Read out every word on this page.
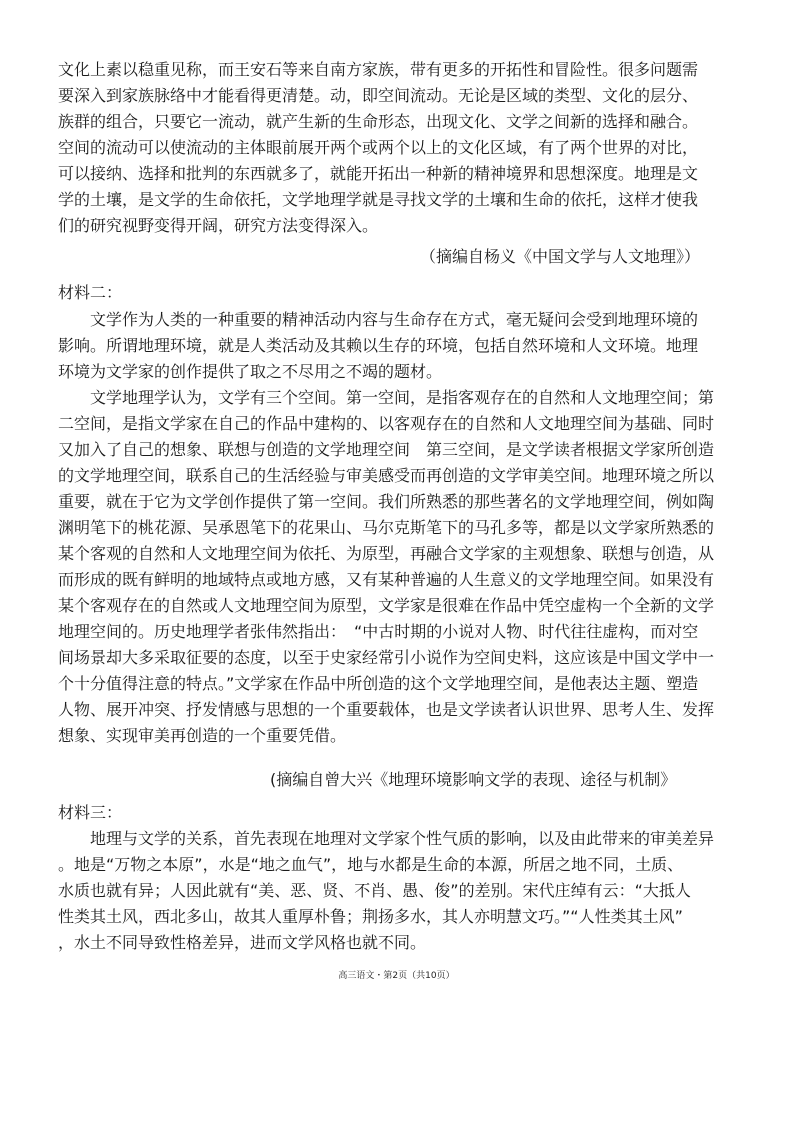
文化上素以稳重见称，而王安石等来自南方家族，带有更多的开拓性和冒险性。很多问题需
要深入到家族脉络中才能看得更清楚。动，即空间流动。无论是区域的类型、文化的层分、
族群的组合，只要它一流动，就产生新的生命形态，出现文化、文学之间新的选择和融合。
空间的流动可以使流动的主体眼前展开两个或两个以上的文化区域，有了两个世界的对比，
可以接纳、选择和批判的东西就多了，就能开拓出一种新的精神境界和思想深度。地理是文
学的土壤，是文学的生命依托，文学地理学就是寻找文学的土壤和生命的依托，这样才使我
们的研究视野变得开阔，研究方法变得深入。
（摘编自杨义《中国文学与人文地理》）
材料二：
文学作为人类的一种重要的精神活动内容与生命存在方式，毫无疑问会受到地理环境的
影响。所谓地理环境，就是人类活动及其赖以生存的环境，包括自然环境和人文环境。地理
环境为文学家的创作提供了取之不尽用之不竭的题材。
文学地理学认为，文学有三个空间。第一空间，是指客观存在的自然和人文地理空间；第
二空间，是指文学家在自己的作品中建构的、以客观存在的自然和人文地理空间为基础、同时
又加入了自己的想象、联想与创造的文学地理空间　第三空间，是文学读者根据文学家所创造
的文学地理空间，联系自己的生活经验与审美感受而再创造的文学审美空间。地理环境之所以
重要，就在于它为文学创作提供了第一空间。我们所熟悉的那些著名的文学地理空间，例如陶
渊明笔下的桃花源、吴承恩笔下的花果山、马尔克斯笔下的马孔多等，都是以文学家所熟悉的
某个客观的自然和人文地理空间为依托、为原型，再融合文学家的主观想象、联想与创造，从
而形成的既有鲜明的地域特点或地方感，又有某种普遍的人生意义的文学地理空间。如果没有
某个客观存在的自然或人文地理空间为原型，文学家是很难在作品中凭空虚构一个全新的文学
地理空间的。历史地理学者张伟然指出：　“中古时期的小说对人物、时代往往虚构，而对空
间场景却大多采取征要的态度，以至于史家经常引小说作为空间史料，这应该是中国文学中一
个十分值得注意的特点。”文学家在作品中所创造的这个文学地理空间，是他表达主题、塑造
人物、展开冲突、抒发情感与思想的一个重要载体，也是文学读者认识世界、思考人生、发挥
想象、实现审美再创造的一个重要凭借。
(摘编自曾大兴《地理环境影响文学的表现、途径与机制》
材料三：
地理与文学的关系，首先表现在地理对文学家个性气质的影响，以及由此带来的审美差异
。地是“万物之本原”，水是“地之血气”，地与水都是生命的本源，所居之地不同，土质、
水质也就有异；人因此就有“美、恶、贤、不肖、愚、俊”的差别。宋代庄绰有云：“大抵人
性类其土风，西北多山，故其人重厚朴鲁；荆扬多水，其人亦明慧文巧。”“人性类其土风”
，水土不同导致性格差异，进而文学风格也就不同。
高三语文・第2页（共10页）
